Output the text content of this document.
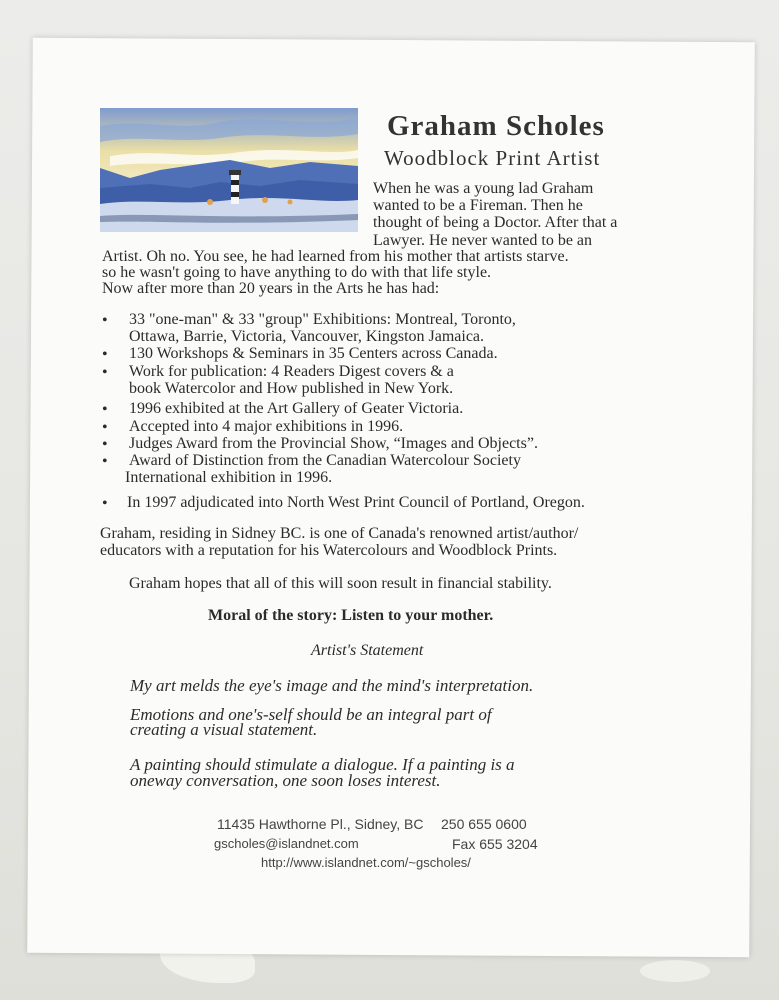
Graham Scholes
Woodblock Print Artist
When he was a young lad Graham
wanted to be a Fireman. Then he
thought of being a Doctor. After that a
Lawyer. He never wanted to be an
Artist. Oh no. You see, he had learned from his mother that artists starve.
so he wasn't going to have anything to do with that life style.
Now after more than 20 years in the Arts he has had:
• 33 "one-man" & 33 "group" Exhibitions: Montreal, Toronto,
Ottawa, Barrie, Victoria, Vancouver, Kingston Jamaica.
• 130 Workshops & Seminars in 35 Centers across Canada.
• Work for publication: 4 Readers Digest covers & a
book Watercolor and How published in New York.
• 1996 exhibited at the Art Gallery of Geater Victoria.
• Accepted into 4 major exhibitions in 1996.
• Judges Award from the Provincial Show, “Images and Objects”.
• Award of Distinction from the Canadian Watercolour Society
International exhibition in 1996.
• In 1997 adjudicated into North West Print Council of Portland, Oregon.
Graham, residing in Sidney BC. is one of Canada's renowned artist/author/
educators with a reputation for his Watercolours and Woodblock Prints.
Graham hopes that all of this will soon result in financial stability.
Moral of the story: Listen to your mother.
Artist's Statement
My art melds the eye's image and the mind's interpretation.
Emotions and one's-self should be an integral part of
creating a visual statement.
A painting should stimulate a dialogue. If a painting is a
oneway conversation, one soon loses interest.
11435 Hawthorne Pl., Sidney, BC 250 655 0600
gscholes@islandnet.com	Fax 655 3204
http://www.islandnet.com/~gscholes/
